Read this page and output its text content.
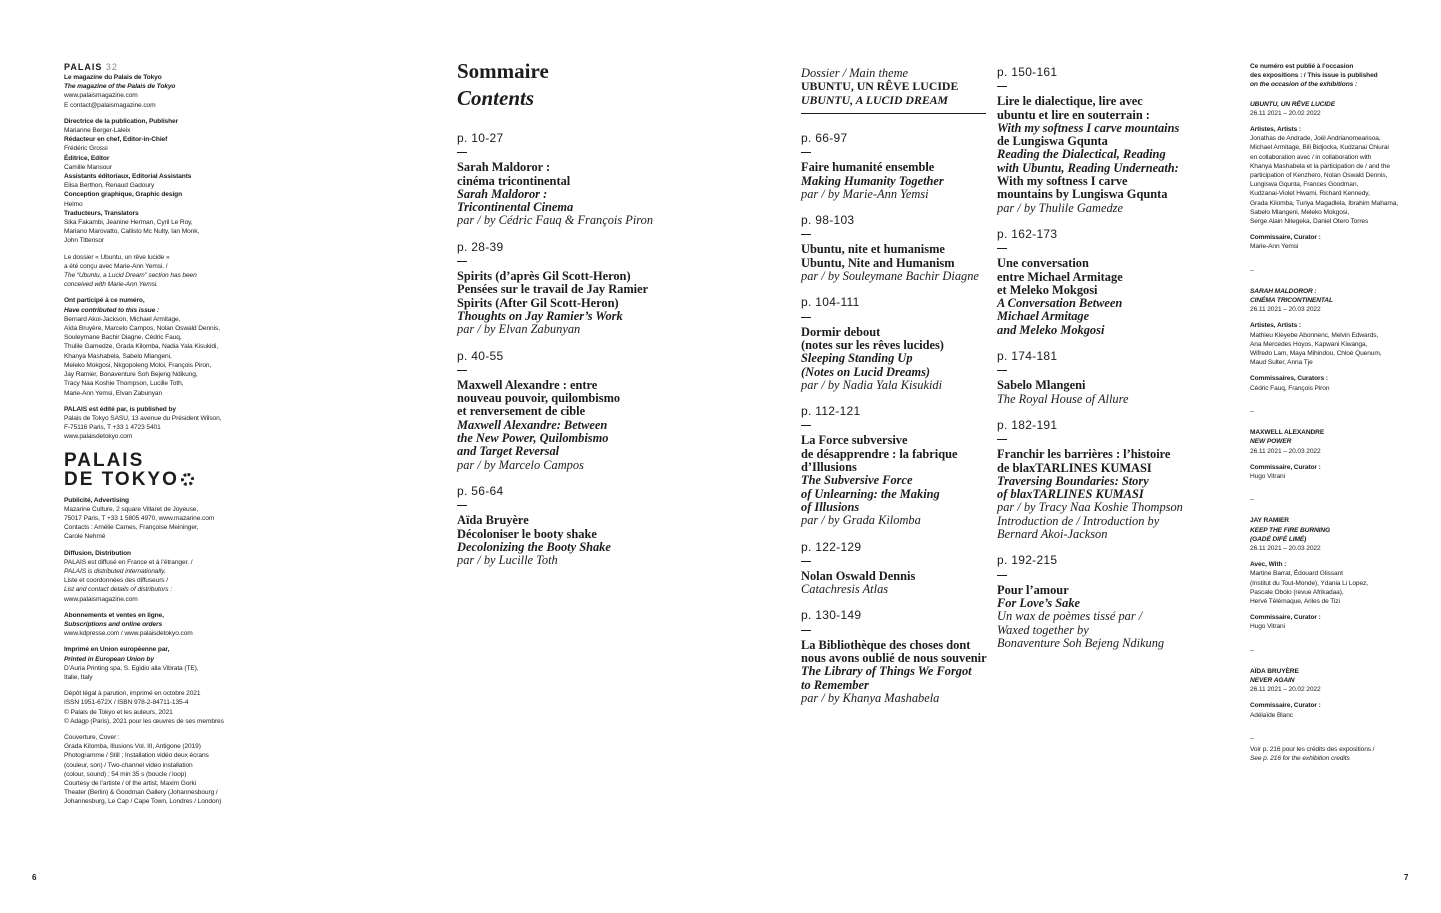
PALAIS 32

Le magazine du Palais de Tokyo

The magazine of the Palais de Tokyo

www.palaismagazine.com

E contact@palaismagazine.com

Directrice de la publication, Publisher

Marianne Berger-Laleix

Rédacteur en chef, Editor-in-Chief

Frédéric Grossi

Éditrice, Editor

Camille Mansour

Assistants éditoriaux, Editorial Assistants

Elisa Berthon, Renaud Gadoury

Conception graphique, Graphic design

Helmo

Traducteurs, Translators

Sika Fakambi, Jeanine Herman, Cyril Le Roy,

Mariano Marovatto, Callisto Mc Nulty, Ian Monk,

John Tittensor

Le dossier « Ubuntu, un rêve lucide »

a été conçu avec Marie-Ann Yemsi. /

The “Ubuntu, a Lucid Dream” section has been

conceived with Marie-Ann Yemsi.

Ont participé à ce numéro,

Have contributed to this issue :

Bernard Akoi-Jackson, Michael Armitage,

Aïda Bruyère, Marcelo Campos, Nolan Oswald Dennis,

Souleymane Bachir Diagne, Cédric Fauq,

Thulile Gamedze, Grada Kilomba, Nadia Yala Kisukidi,

Khanya Mashabela, Sabelo Mlangeni,

Meleko Mokgosi, Nkgopoleng Moloi, François Piron,

Jay Ramier, Bonaventure Soh Bejeng Ndikung,

Tracy Naa Koshie Thompson, Lucille Toth,

Marie-Ann Yemsi, Elvan Zabunyan

PALAIS est édité par, is published by

Palais de Tokyo SASU, 13 avenue du Président Wilson,

F-75116 Paris, T +33 1 4723 5401

www.palaisdetokyo.com

PALAIS
DE TOKYO

Publicité, Advertising

Mazarine Culture, 2 square Villaret de Joyeuse,

75017 Paris, T +33 1 5805 4970, www.mazarine.com

Contacts : Amélie Cames, Françoise Meininger,

Carole Nehmé

Diffusion, Distribution

PALAIS est diffusé en France et à l’étranger. /

PALAIS is distributed internationally.

Liste et coordonnées des diffuseurs /

List and contact details of distributors :

www.palaismagazine.com

Abonnements et ventes en ligne,

Subscriptions and online orders

www.kdpresse.com / www.palaisdetokyo.com

Imprimé en Union européenne par,

Printed in European Union by

D’Auria Printing spa, S. Egidio alla Vibrata (TE),

Italie, Italy

Dépôt légal à parution, imprimé en octobre 2021

ISSN 1951-672X / ISBN 978-2-84711-135-4

© Palais de Tokyo et les auteurs, 2021

© Adagp (Paris), 2021 pour les œuvres de ses membres

Couverture, Cover :

Grada Kilomba, Illusions Vol. III, Antigone (2019)

Photogramme / Still ; Installation vidéo deux écrans

(couleur, son) / Two-channel video installation

(colour, sound) ; 54 min 35 s (boucle / loop)

Courtesy de l’artiste / of the artist, Maxim Gorki

Theater (Berlin) & Goodman Gallery (Johannesbourg /

Johannesburg, Le Cap / Cape Town, Londres / London)

6	7
Sommaire
Contents
p. 10-27
Sarah Maldoror :
cinéma tricontinental
Sarah Maldoror :
Tricontinental Cinema
par / by Cédric Fauq & François Piron
p. 28-39
Spirits (d’après Gil Scott-Heron)
Pensées sur le travail de Jay Ramier
Spirits (After Gil Scott-Heron)
Thoughts on Jay Ramier’s Work
par / by Elvan Zabunyan
p. 40-55
Maxwell Alexandre : entre
nouveau pouvoir, quilombismo
et renversement de cible
Maxwell Alexandre: Between
the New Power, Quilombismo
and Target Reversal
par / by Marcelo Campos
p. 56-64
Aïda Bruyère
Décoloniser le booty shake
Decolonizing the Booty Shake
par / by Lucille Toth
Dossier / Main theme
UBUNTU, UN RÊVE LUCIDE
UBUNTU, A LUCID DREAM
p. 66-97
Faire humanité ensemble
Making Humanity Together
par / by Marie-Ann Yemsi
p. 98-103
Ubuntu, nite et humanisme
Ubuntu, Nite and Humanism
par / by Souleymane Bachir Diagne
p. 104-111
Dormir debout
(notes sur les rêves lucides)
Sleeping Standing Up
(Notes on Lucid Dreams)
par / by Nadia Yala Kisukidi
p. 112-121
La Force subversive
de désapprendre : la fabrique
d’Illusions
The Subversive Force
of Unlearning: the Making
of Illusions
par / by Grada Kilomba
p. 122-129
Nolan Oswald Dennis
Catachresis Atlas
p. 130-149
La Bibliothèque des choses dont
nous avons oublié de nous souvenir
The Library of Things We Forgot
to Remember
par / by Khanya Mashabela
p. 150-161
Lire le dialectique, lire avec
ubuntu et lire en souterrain :
With my softness I carve mountains
de Lungiswa Gqunta
Reading the Dialectical, Reading
with Ubuntu, Reading Underneath:
With my softness I carve
mountains by Lungiswa Gqunta
par / by Thulile Gamedze
p. 162-173
Une conversation
entre Michael Armitage
et Meleko Mokgosi
A Conversation Between
Michael Armitage
and Meleko Mokgosi
p. 174-181
Sabelo Mlangeni
The Royal House of Allure
p. 182-191
Franchir les barrières : l’histoire
de blaxTARLINES KUMASI
Traversing Boundaries: Story
of blaxTARLINES KUMASI
par / by Tracy Naa Koshie Thompson
Introduction de / Introduction by
Bernard Akoi-Jackson
p. 192-215
Pour l’amour
For Love’s Sake
Un wax de poèmes tissé par /
Waxed together by
Bonaventure Soh Bejeng Ndikung

Ce numéro est publié à l’occasion

des expositions : / This issue is published

on the occasion of the exhibitions :

UBUNTU, UN RÊVE LUCIDE

26.11 2021 – 20.02 2022

Artistes, Artists :

Jonathas de Andrade, Joël Andrianomearisoa,

Michael Armitage, Bili Bidjocka, Kudzanai Chiurai

en collaboration avec / in collaboration with

Khanya Mashabela et la participation de / and the

participation of Kenzhero, Nolan Oswald Dennis,

Lungiswa Gqunta, Frances Goodman,

Kudzanai-Violet Hwami, Richard Kennedy,

Grada Kilomba, Turiya Magadlela, Ibrahim Mahama,

Sabelo Mlangeni, Meleko Mokgosi,

Serge Alain Nitegeka, Daniel Otero Torres

Commissaire, Curator :

Marie-Ann Yemsi

–

SARAH MALDOROR :

CINÉMA TRICONTINENTAL

26.11 2021 – 20.03 2022

Artistes, Artists :

Mathieu Kleyebe Abonnenc, Melvin Edwards,

Ana Mercedes Hoyos, Kapwani Kiwanga,

Wifredo Lam, Maya Mihindou, Chloé Quenum,

Maud Sulter, Anna Tje

Commissaires, Curators :

Cédric Fauq, François Piron

–

MAXWELL ALEXANDRE

NEW POWER

26.11 2021 – 20.03 2022

Commissaire, Curator :

Hugo Vitrani

–

JAY RAMIER

KEEP THE FIRE BURNING

(GADÉ DIFÉ LIMÉ)

26.11 2021 – 20.03 2022

Avec, With :

Martine Barrat, Édouard Glissant

(Institut du Tout-Monde), Ydania Li Lopez,

Pascale Obolo (revue Afrikadaa),

Hervé Télémaque, Ariles de Tizi

Commissaire, Curator :

Hugo Vitrani

–

AÏDA BRUYÈRE

NEVER AGAIN

26.11 2021 – 20.02 2022

Commissaire, Curator :

Adélaïde Blanc

–

Voir p. 216 pour les crédits des expositions /

See p. 216 for the exhibition credits
